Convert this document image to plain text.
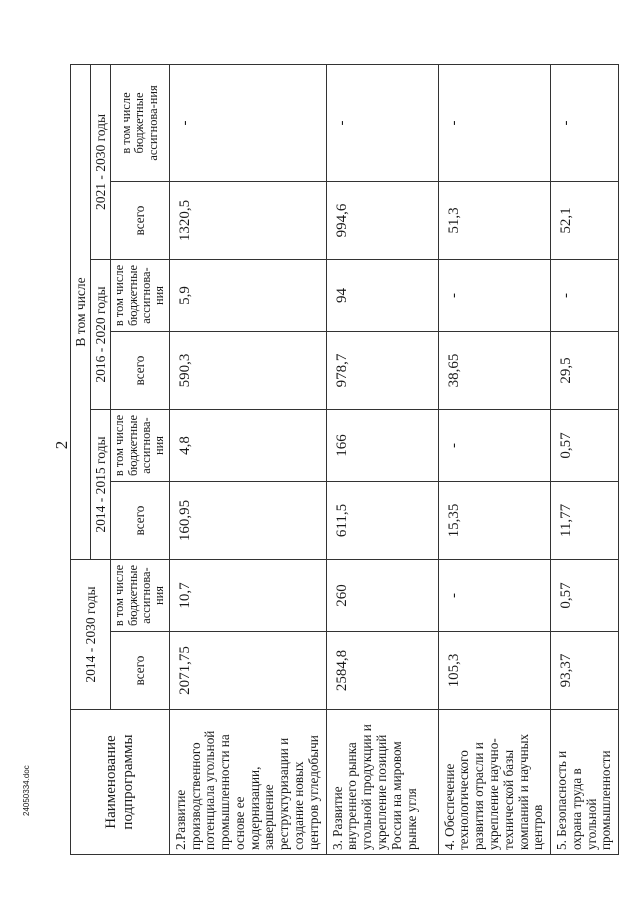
2
24050334.doc	Наименование подпрограммы	2014 - 2030 годы		В том числе					
			2014 - 2015 годы		2016 - 2020 годы		2021 - 2030 годы	
	всего	в том числе бюджетные ассигнова-ния	всего	в том числе бюджетные ассигнова-ния	всего	в том числе бюджетные ассигнова-ния	всего	в том числе бюджетные ассигнова-ния
2.Развитие производственного потенциала угольной промышленности на основе ее модернизации, завершение реструктуризации и создание новых центров угледобычи	2071,75	10,7	160,95	4,8	590,3	5,9	1320,5	-
3. Развитие внутреннего рынка угольной продукции и укрепление позиций России на мировом рынке угля	2584,8	260	611,5	166	978,7	94	994,6	-
4. Обеспечение технологического развития отрасли и укрепление научно-технической базы компаний и научных центров	105,3	-	15,35	-	38,65	-	51,3	-
5. Безопасность и охрана труда в угольной промышленности	93,37	0,57	11,77	0,57	29,5	-	52,1	-
